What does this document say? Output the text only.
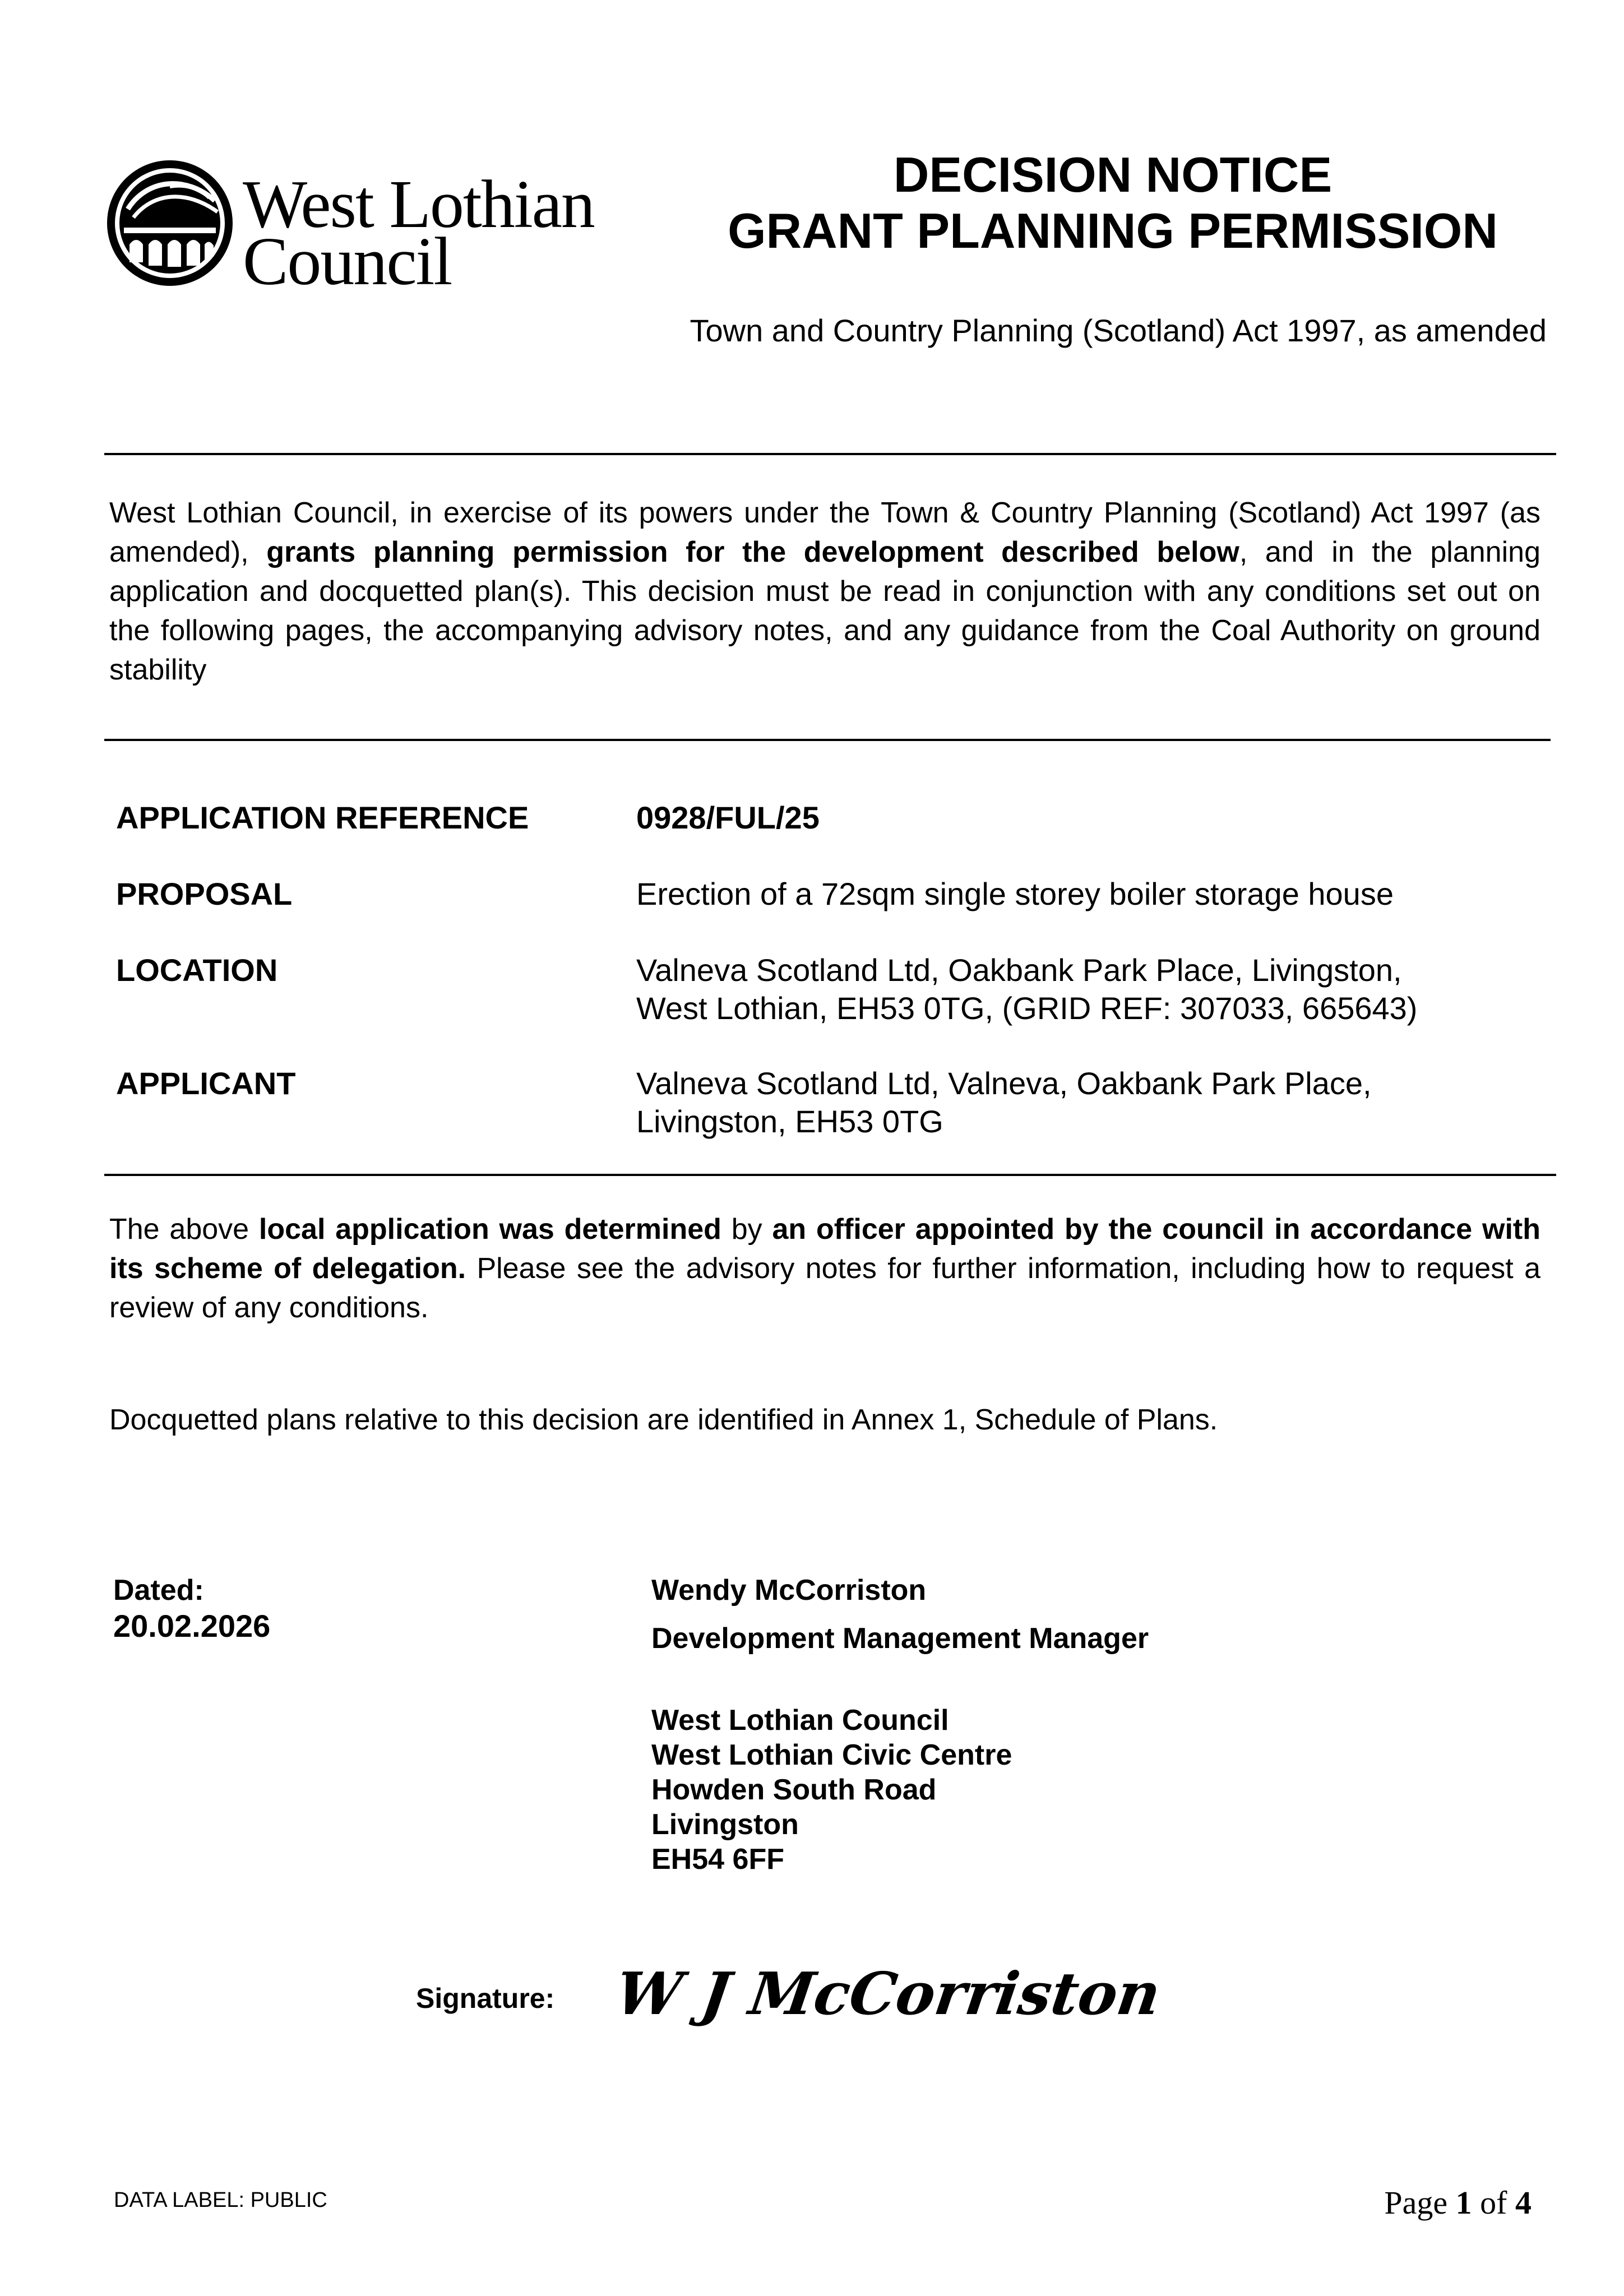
West Lothian
Council
DECISION NOTICE
GRANT PLANNING PERMISSION
Town and Country Planning (Scotland) Act 1997, as amended
West Lothian Council, in exercise of its powers under the Town & Country Planning (Scotland) Act 1997 (as amended), grants planning permission for the development described below, and in the planning application and docquetted plan(s). This decision must be read in conjunction with any conditions set out on the following pages, the accompanying advisory notes, and any guidance from the Coal Authority on ground stability
APPLICATION REFERENCE	0928/FUL/25
PROPOSAL	Erection of a 72sqm single storey boiler storage house
LOCATION	Valneva Scotland Ltd, Oakbank Park Place, Livingston,
West Lothian, EH53 0TG, (GRID REF: 307033, 665643)
APPLICANT	Valneva Scotland Ltd, Valneva, Oakbank Park Place,
Livingston, EH53 0TG
The above local application was determined by an officer appointed by the council in accordance with its scheme of delegation. Please see the advisory notes for further information, including how to request a review of any conditions.
Docquetted plans relative to this decision are identified in Annex 1, Schedule of Plans.
Dated:
20.02.2026
Wendy McCorriston
Development Management Manager
West Lothian Council
West Lothian Civic Centre
Howden South Road
Livingston
EH54 6FF
Signature: W J McCorriston
DATA LABEL: PUBLIC	Page 1 of 4
